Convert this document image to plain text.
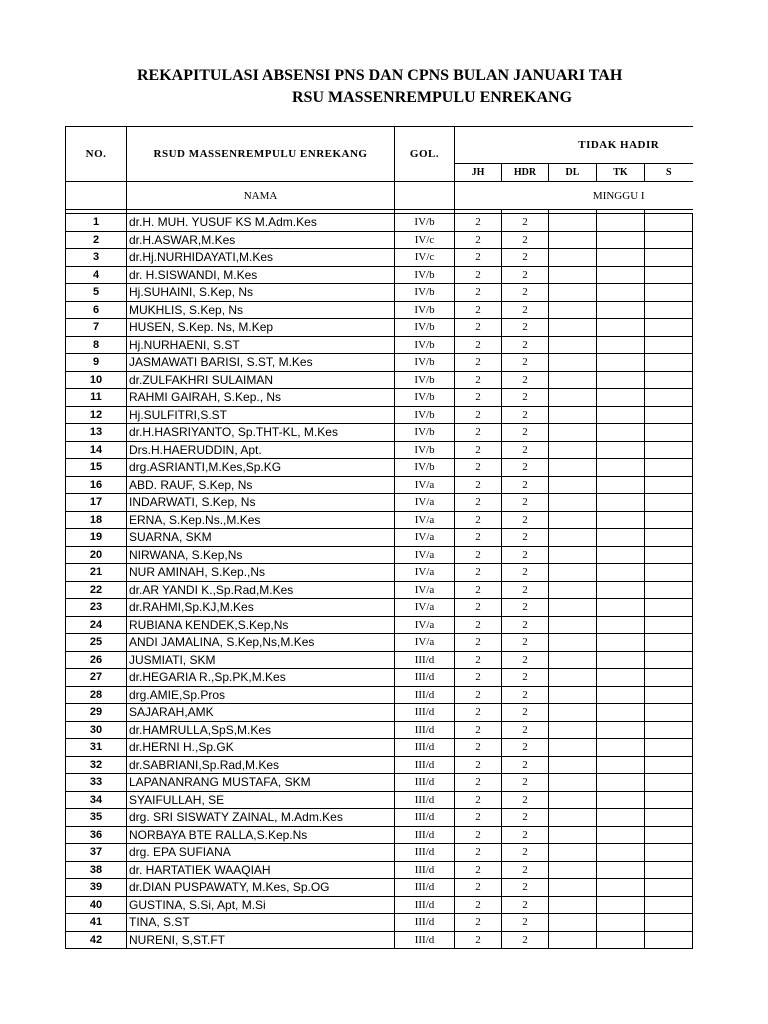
REKAPITULASI ABSENSI PNS DAN CPNS BULAN JANUARI TAH
RSU MASSENREMPULU ENREKANG
NO.	RSUD MASSENREMPULU ENREKANG	GOL.	TIDAK HADIR				
			JH	HDR	DL	TK	S
	NAMA		MINGGU I				

1	dr.H. MUH. YUSUF KS M.Adm.Kes	IV/b	2	2			
2	dr.H.ASWAR,M.Kes	IV/c	2	2			
3	dr.Hj.NURHIDAYATI,M.Kes	IV/c	2	2			
4	dr. H.SISWANDI, M.Kes	IV/b	2	2			
5	Hj.SUHAINI, S.Kep, Ns	IV/b	2	2			
6	MUKHLIS, S.Kep, Ns	IV/b	2	2			
7	HUSEN, S.Kep. Ns, M.Kep	IV/b	2	2			
8	Hj.NURHAENI, S.ST	IV/b	2	2			
9	JASMAWATI BARISI, S.ST, M.Kes	IV/b	2	2			
10	dr.ZULFAKHRI SULAIMAN	IV/b	2	2			
11	RAHMI GAIRAH, S.Kep., Ns	IV/b	2	2			
12	Hj.SULFITRI,S.ST	IV/b	2	2			
13	dr.H.HASRIYANTO, Sp.THT-KL, M.Kes	IV/b	2	2			
14	Drs.H.HAERUDDIN, Apt.	IV/b	2	2			
15	drg.ASRIANTI,M.Kes,Sp.KG	IV/b	2	2			
16	ABD. RAUF, S.Kep, Ns	IV/a	2	2			
17	INDARWATI, S.Kep, Ns	IV/a	2	2			
18	ERNA, S.Kep.Ns.,M.Kes	IV/a	2	2			
19	SUARNA, SKM	IV/a	2	2			
20	NIRWANA, S.Kep,Ns	IV/a	2	2			
21	NUR AMINAH, S.Kep.,Ns	IV/a	2	2			
22	dr.AR YANDI K.,Sp.Rad,M.Kes	IV/a	2	2			
23	dr.RAHMI,Sp.KJ,M.Kes	IV/a	2	2			
24	RUBIANA KENDEK,S.Kep,Ns	IV/a	2	2			
25	ANDI JAMALINA, S.Kep,Ns,M.Kes	IV/a	2	2			
26	JUSMIATI, SKM	III/d	2	2			
27	dr.HEGARIA R.,Sp.PK,M.Kes	III/d	2	2			
28	drg.AMIE,Sp.Pros	III/d	2	2			
29	SAJARAH,AMK	III/d	2	2			
30	dr.HAMRULLA,SpS,M.Kes	III/d	2	2			
31	dr.HERNI H.,Sp.GK	III/d	2	2			
32	dr.SABRIANI,Sp.Rad,M.Kes	III/d	2	2			
33	LAPANANRANG MUSTAFA, SKM	III/d	2	2			
34	SYAIFULLAH, SE	III/d	2	2			
35	drg. SRI SISWATY ZAINAL, M.Adm.Kes	III/d	2	2			
36	NORBAYA BTE RALLA,S.Kep.Ns	III/d	2	2			
37	drg. EPA SUFIANA	III/d	2	2			
38	dr. HARTATIEK WAAQIAH	III/d	2	2			
39	dr.DIAN PUSPAWATY, M.Kes, Sp.OG	III/d	2	2			
40	GUSTINA, S.Si, Apt, M.Si	III/d	2	2			
41	TINA, S.ST	III/d	2	2			
42	NURENI, S,ST.FT	III/d	2	2			
